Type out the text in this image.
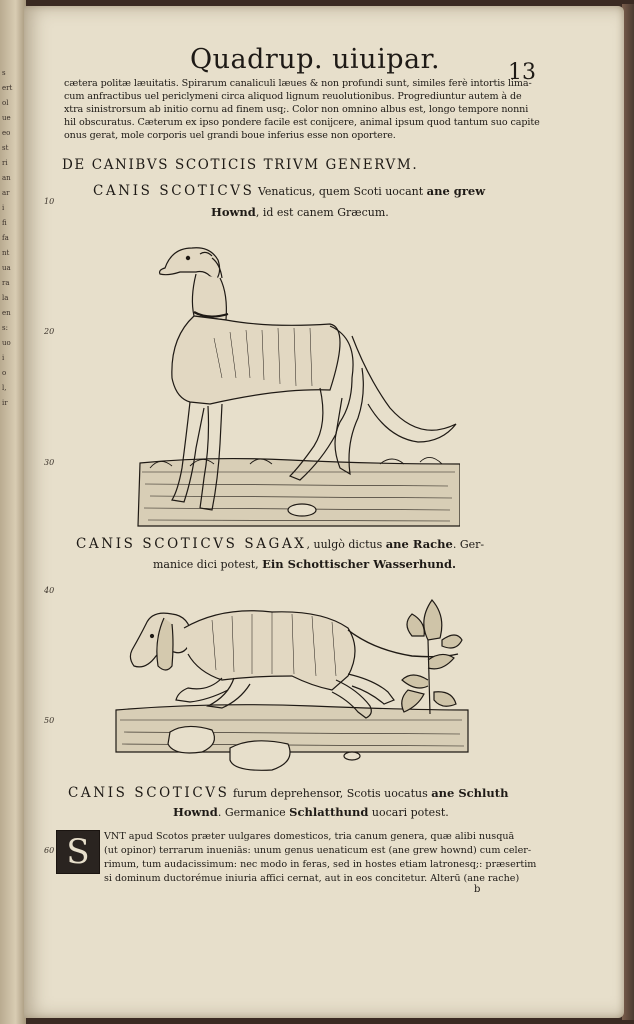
s
ert
ol
ue
eo
st
ri
an
ar
i
fi
fa
nt
ua
ra
la
en
s:
uo
i
o
l,
ir
Quadrup. uiuipar.	13
cætera politæ læuitatis. Spirarum canaliculi læues & non profundi sunt, similes ferè intortis lima-
cum anfractibus uel periclymeni circa aliquod lignum reuolutionibus. Progrediuntur autem à de
xtra sinistrorsum ab initio cornu ad finem usq;. Color non omnino albus est, longo tempore nonni
hil obscuratus. Cæterum ex ipso pondere facile est conijcere, animal ipsum quod tantum suo capite
onus gerat, mole corporis uel grandi boue inferius esse non oportere.
DE CANIBVS SCOTICIS TRIVM GENERVM.
CANIS SCOTICVS Venaticus, quem Scoti uocant ane grew
Hownd, id est canem Græcum.
CANIS SCOTICVS SAGAX, uulgò dictus ane Rache. Ger-
manice dici potest, Ein Schottischer Wasserhund.
CANIS SCOTICVS furum deprehensor, Scotis uocatus ane Schluth
Hownd. Germanice Schlatthund uocari potest.
S	VNT apud Scotos præter uulgares domesticos, tria canum genera, quæ alibi nusquā
(ut opinor) terrarum inueniās: unum genus uenaticum est (ane grew hownd) cum celer-
rimum, tum audacissimum: nec modo in feras, sed in hostes etiam latronesq;: præsertim
si dominum ductorémue iniuria affici cernat, aut in eos concitetur. Alterū (ane rache)
b
10
20
30
40
50
60
